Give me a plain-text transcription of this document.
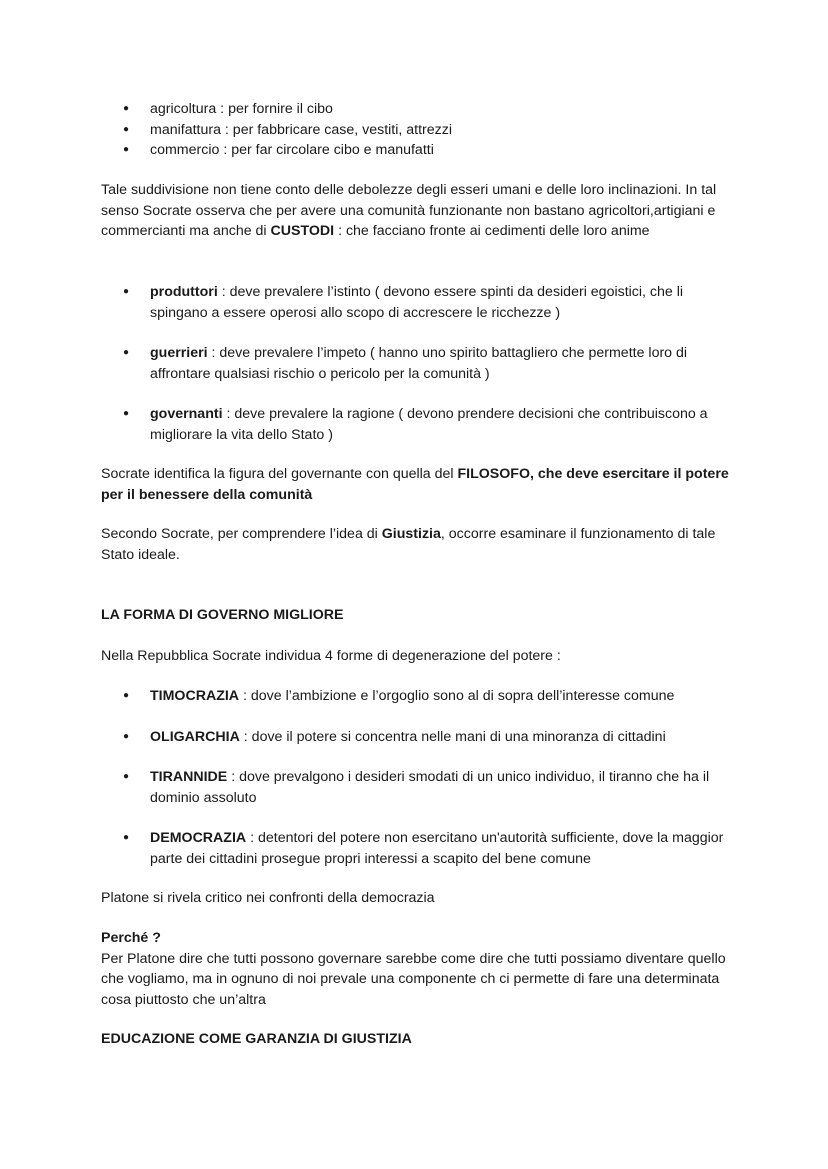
● agricoltura : per fornire il cibo
● manifattura : per fabbricare case, vestiti, attrezzi
● commercio : per far circolare cibo e manufatti

Tale suddivisione non tiene conto delle debolezze degli esseri umani e delle loro inclinazioni. In tal senso Socrate osserva che per avere una comunità funzionante non bastano agricoltori,artigiani e commercianti ma anche di CUSTODI : che facciano fronte ai cedimenti delle loro anime

● produttori : deve prevalere l’istinto ( devono essere spinti da desideri egoistici, che li spingano a essere operosi allo scopo di accrescere le ricchezze )
● guerrieri : deve prevalere l’impeto ( hanno uno spirito battagliero che permette loro di affrontare qualsiasi rischio o pericolo per la comunità )
● governanti : deve prevalere la ragione ( devono prendere decisioni che contribuiscono a migliorare la vita dello Stato )

Socrate identifica la figura del governante con quella del FILOSOFO, che deve esercitare il potere per il benessere della comunità

Secondo Socrate, per comprendere l’idea di Giustizia, occorre esaminare il funzionamento di tale Stato ideale.

LA FORMA DI GOVERNO MIGLIORE

Nella Repubblica Socrate individua 4 forme di degenerazione del potere :

● TIMOCRAZIA : dove l’ambizione e l’orgoglio sono al di sopra dell’interesse comune
● OLIGARCHIA : dove il potere si concentra nelle mani di una minoranza di cittadini
● TIRANNIDE : dove prevalgono i desideri smodati di un unico individuo, il tiranno che ha il dominio assoluto
● DEMOCRAZIA : detentori del potere non esercitano un'autorità sufficiente, dove la maggior parte dei cittadini prosegue propri interessi a scapito del bene comune

Platone si rivela critico nei confronti della democrazia

Perché ?
Per Platone dire che tutti possono governare sarebbe come dire che tutti possiamo diventare quello che vogliamo, ma in ognuno di noi prevale una componente ch ci permette di fare una determinata cosa piuttosto che un’altra

EDUCAZIONE COME GARANZIA DI GIUSTIZIA
